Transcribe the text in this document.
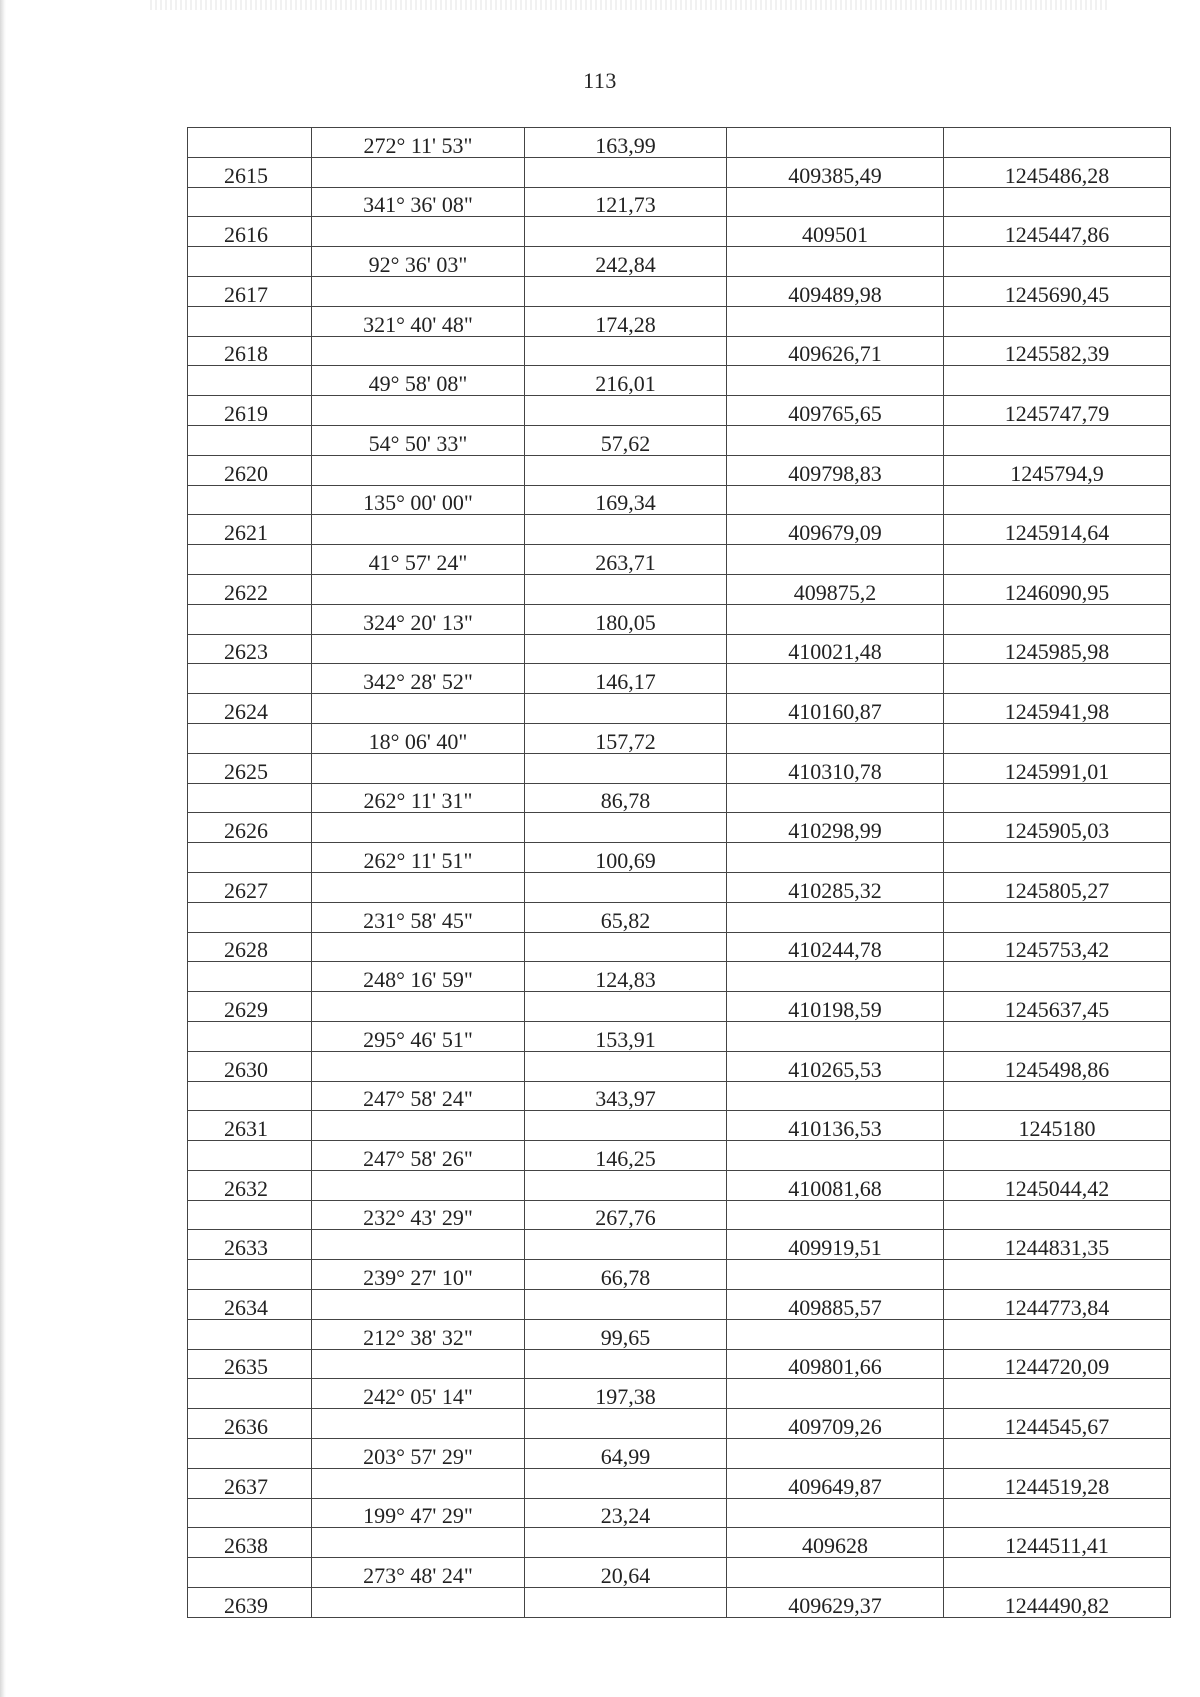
113
	272° 11' 53"	163,99		
2615			409385,49	1245486,28
	341° 36' 08"	121,73		
2616			409501	1245447,86
	92° 36' 03"	242,84		
2617			409489,98	1245690,45
	321° 40' 48"	174,28		
2618			409626,71	1245582,39
	49° 58' 08"	216,01		
2619			409765,65	1245747,79
	54° 50' 33"	57,62		
2620			409798,83	1245794,9
	135° 00' 00"	169,34		
2621			409679,09	1245914,64
	41° 57' 24"	263,71		
2622			409875,2	1246090,95
	324° 20' 13"	180,05		
2623			410021,48	1245985,98
	342° 28' 52"	146,17		
2624			410160,87	1245941,98
	18° 06' 40"	157,72		
2625			410310,78	1245991,01
	262° 11' 31"	86,78		
2626			410298,99	1245905,03
	262° 11' 51"	100,69		
2627			410285,32	1245805,27
	231° 58' 45"	65,82		
2628			410244,78	1245753,42
	248° 16' 59"	124,83		
2629			410198,59	1245637,45
	295° 46' 51"	153,91		
2630			410265,53	1245498,86
	247° 58' 24"	343,97		
2631			410136,53	1245180
	247° 58' 26"	146,25		
2632			410081,68	1245044,42
	232° 43' 29"	267,76		
2633			409919,51	1244831,35
	239° 27' 10"	66,78		
2634			409885,57	1244773,84
	212° 38' 32"	99,65		
2635			409801,66	1244720,09
	242° 05' 14"	197,38		
2636			409709,26	1244545,67
	203° 57' 29"	64,99		
2637			409649,87	1244519,28
	199° 47' 29"	23,24		
2638			409628	1244511,41
	273° 48' 24"	20,64		
2639			409629,37	1244490,82
